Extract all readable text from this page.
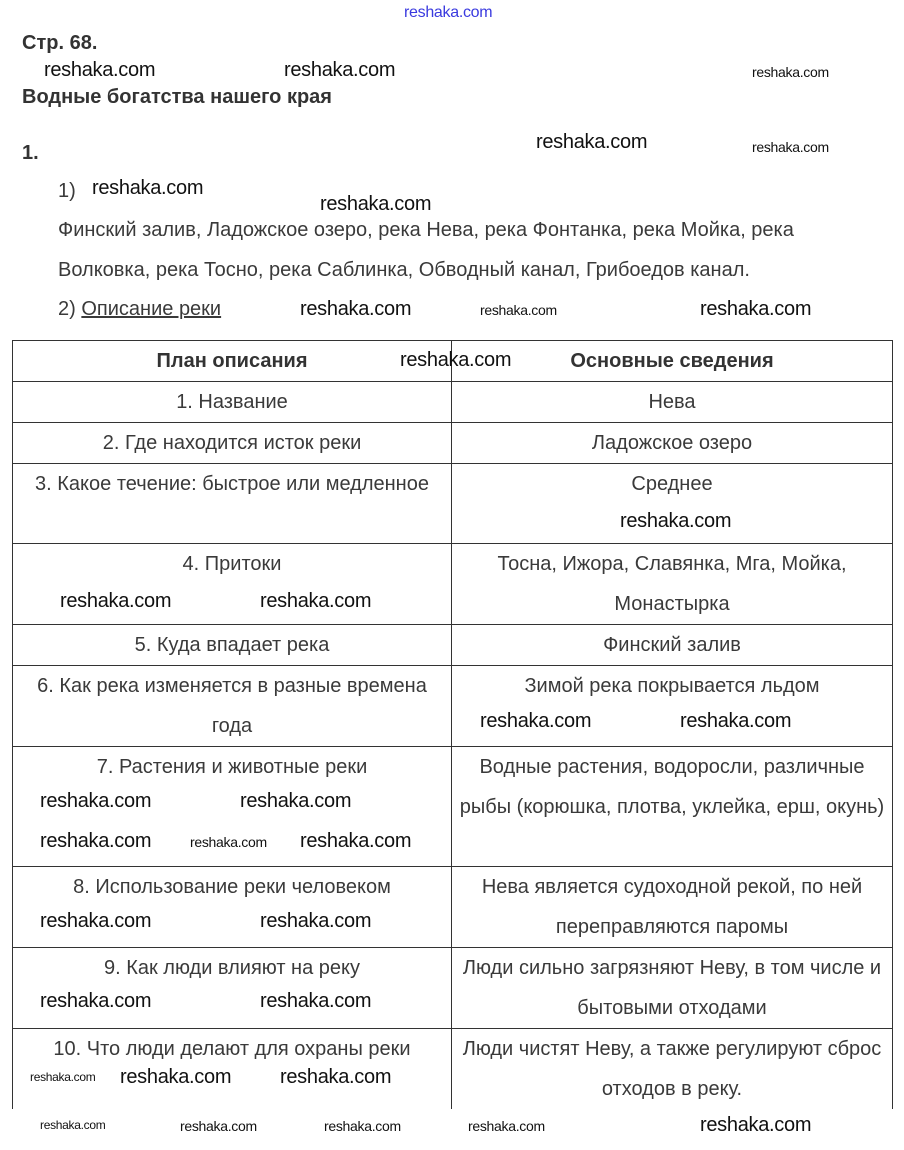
Стр. 68.
Водные богатства нашего края
1.
1)
Финский залив, Ладожское озеро, река Нева, река Фонтанка, река Мойка, река
Волковка, река Тосно, река Саблинка, Обводный канал, Грибоедов канал.
2) Описание реки
План описания	Основные сведения
1. Название	Нева
2. Где находится исток реки	Ладожское озеро
3. Какое течение: быстрое или медленное	Среднее
4. Притоки	Тосна, Ижора, Славянка, Мга, Мойка, Монастырка
5. Куда впадает река	Финский залив
6. Как река изменяется в разные времена года	Зимой река покрывается льдом
7. Растения и животные реки	Водные растения, водоросли, различные рыбы (корюшка, плотва, уклейка, ерш, окунь)
8. Использование реки человеком	Нева является судоходной рекой, по ней переправляются паромы
9. Как люди влияют на реку	Люди сильно загрязняют Неву, в том числе и бытовыми отходами
10. Что люди делают для охраны реки	Люди чистят Неву, а также регулируют сброс отходов в реку.
reshaka.com
reshaka.com	reshaka.com	reshaka.com
reshaka.com	reshaka.com
reshaka.com
reshaka.com
reshaka.com	reshaka.com
reshaka.com
reshaka.com
reshaka.com
reshaka.com	reshaka.com
reshaka.com
reshaka.com	reshaka.com
reshaka.com
reshaka.com	reshaka.com reshaka.com
reshaka.com	reshaka.com
reshaka.com	reshaka.com
reshaka.com reshaka.com reshaka.com
reshaka.com	reshaka.com
reshaka.com	reshaka.com	reshaka.com
